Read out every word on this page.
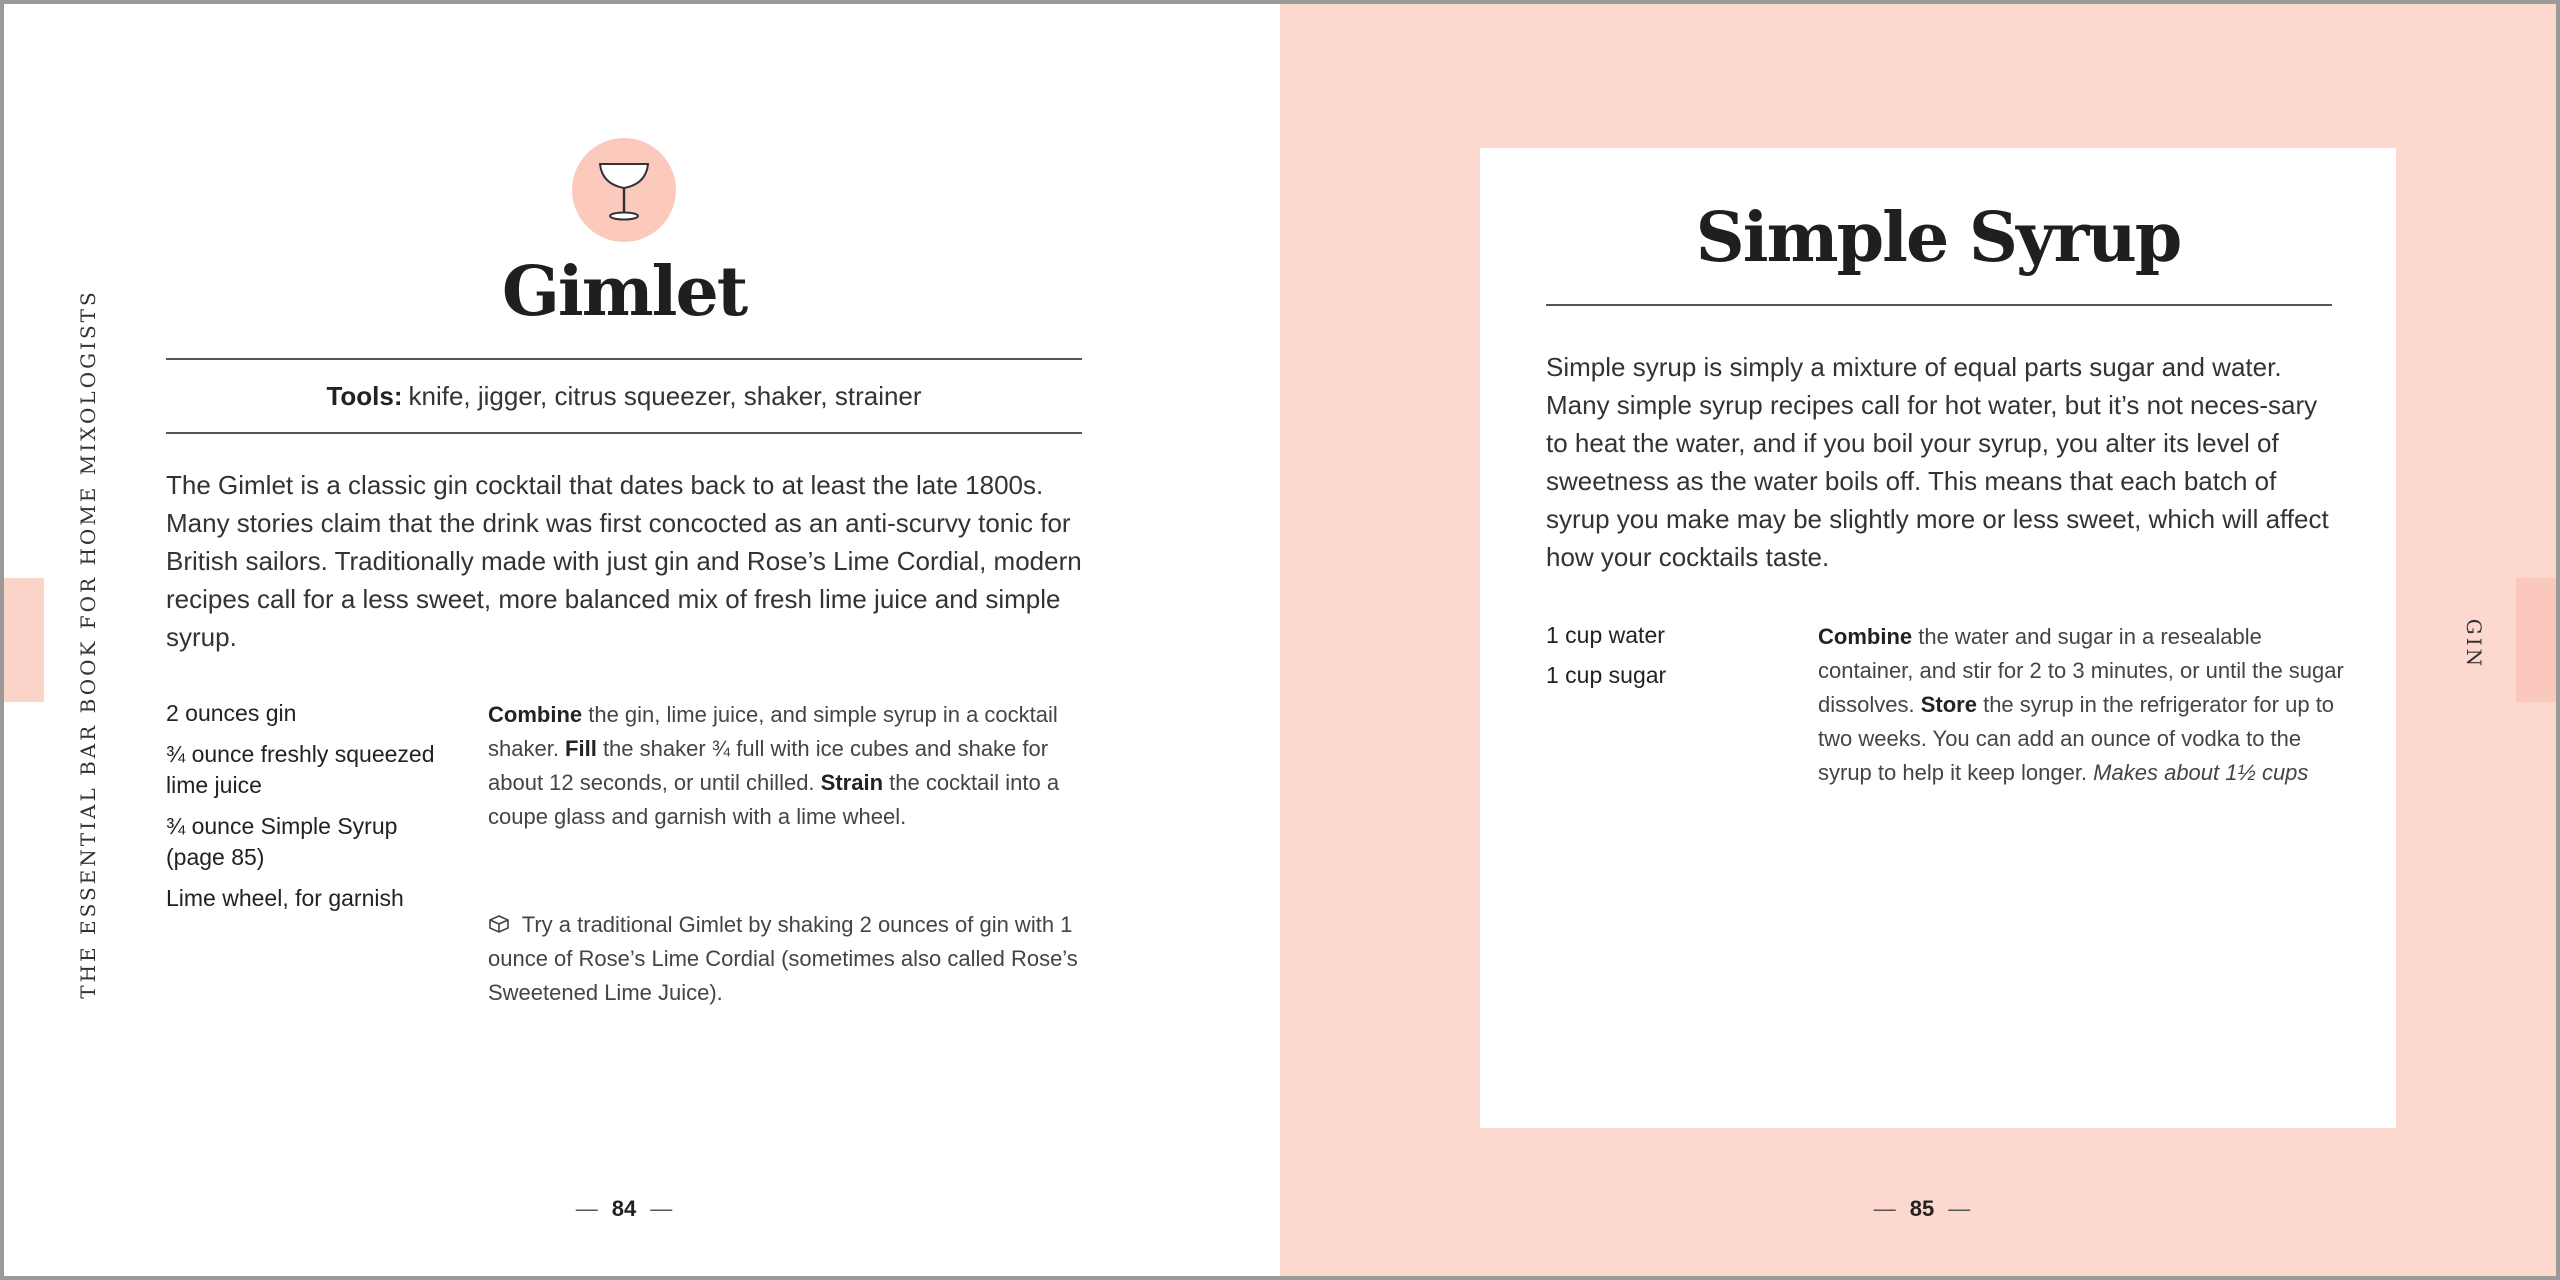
THE ESSENTIAL BAR BOOK FOR HOME MIXOLOGISTS	Gimlet
Tools: knife, jigger, citrus squeezer, shaker, strainer

The Gimlet is a classic gin cocktail that dates back to at least the late 1800s. Many stories claim that the drink was first concocted as an anti-scurvy tonic for British sailors. Traditionally made with just gin and Rose’s Lime Cordial, modern recipes call for a less sweet, more balanced mix of fresh lime juice and simple syrup.

2 ounces gin
¾ ounce freshly squeezed lime juice
¾ ounce Simple Syrup (page 85)
Lime wheel, for garnish

Combine the gin, lime juice, and simple syrup in a cocktail shaker. Fill the shaker ¾ full with ice cubes and shake for about 12 seconds, or until chilled. Strain the cocktail into a coupe glass and garnish with a lime wheel.

Try a traditional Gimlet by shaking 2 ounces of gin with 1 ounce of Rose’s Lime Cordial (sometimes also called Rose’s Sweetened Lime Juice).

— 84 —
GIN
Simple Syrup

Simple syrup is simply a mixture of equal parts sugar and water. Many simple syrup recipes call for hot water, but it’s not neces-sary to heat the water, and if you boil your syrup, you alter its level of sweetness as the water boils off. This means that each batch of syrup you make may be slightly more or less sweet, which will affect how your cocktails taste.

1 cup water
1 cup sugar

Combine the water and sugar in a resealable container, and stir for 2 to 3 minutes, or until the sugar dissolves. Store the syrup in the refrigerator for up to two weeks. You can add an ounce of vodka to the syrup to help it keep longer. Makes about 1½ cups

— 85 —
